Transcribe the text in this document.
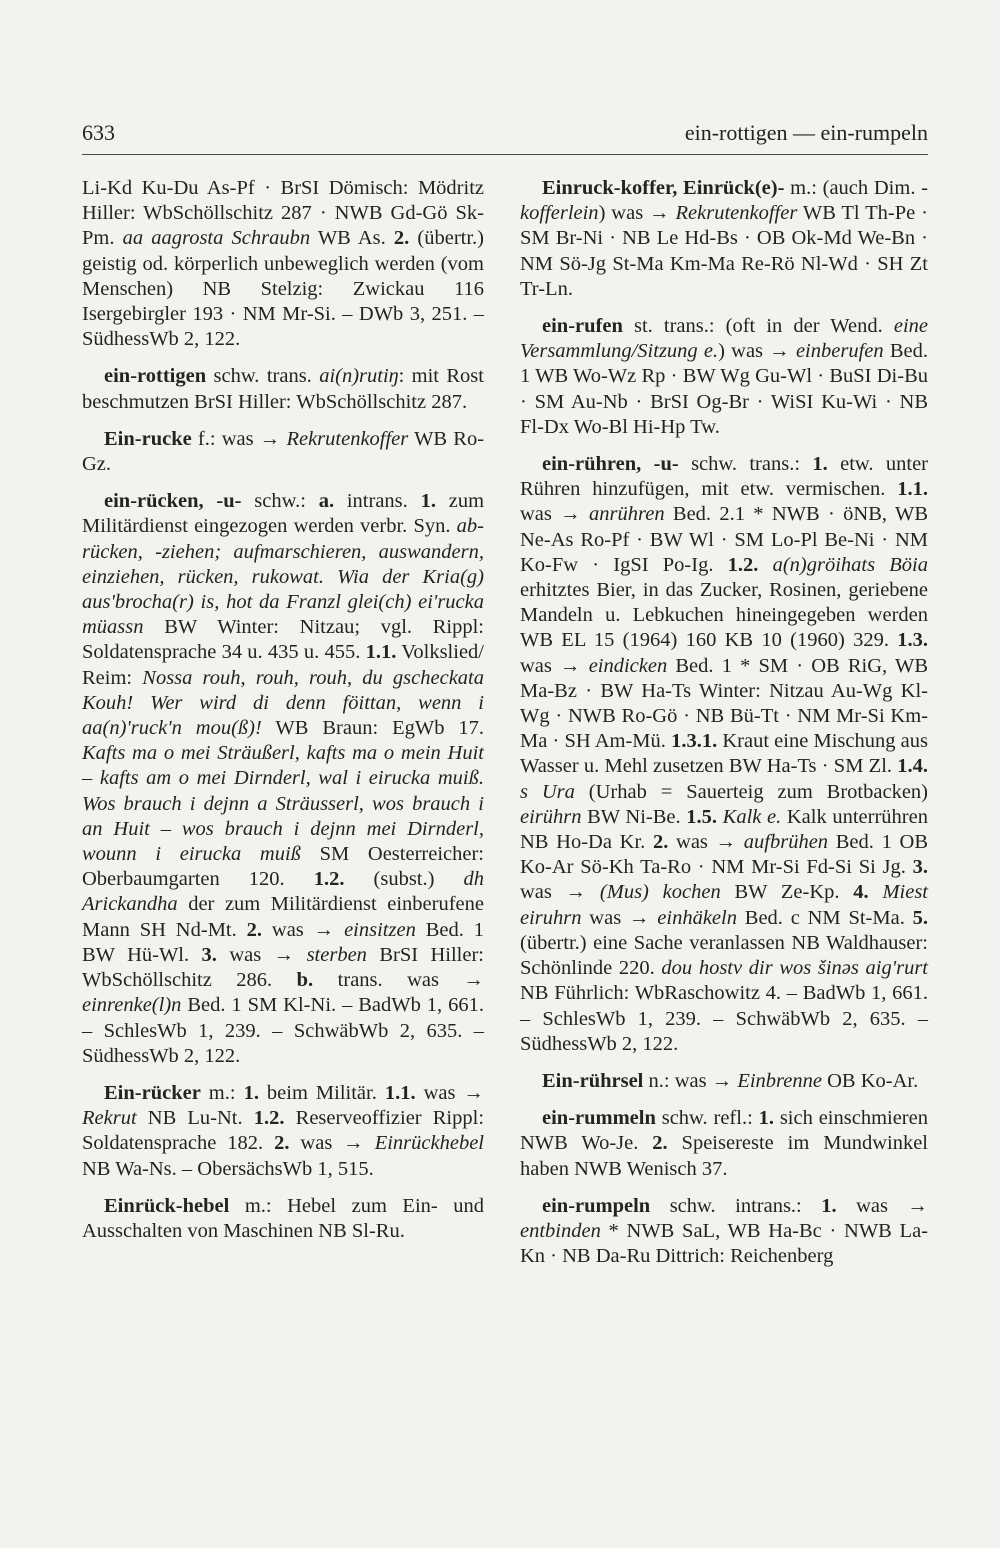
633	ein-rottigen — ein-rumpeln

Li-Kd Ku-Du As-Pf · BrSI Dömisch: Mödritz Hiller: WbSchöllschitz 287 · NWB Gd-Gö Sk-Pm. aa aagrosta Schraubn WB As. 2. (übertr.) geistig od. körperlich unbeweglich werden (vom Menschen) NB Stelzig: Zwickau 116 Isergebirgler 193 · NM Mr-Si. – DWb 3, 251. – SüdhessWb 2, 122.

ein-rottigen schw. trans. ai(n)rutiŋ: mit Rost beschmutzen BrSI Hiller: WbSchöllschitz 287.

Ein-rucke f.: was → Rekrutenkoffer WB Ro-Gz.

ein-rücken, -u- schw.: a. intrans. 1. zum Militärdienst eingezogen werden verbr. Syn. ab-rücken, -ziehen; aufmarschieren, auswandern, einziehen, rücken, rukowat. Wia der Kria(g) aus'brocha(r) is, hot da Franzl glei(ch) ei'rucka müassn BW Winter: Nitzau; vgl. Rippl: Soldatensprache 34 u. 435 u. 455. 1.1. Volkslied/ Reim: Nossa rouh, rouh, rouh, du gscheckata Kouh! Wer wird di denn föittan, wenn i aa(n)'ruck'n mou(ß)! WB Braun: EgWb 17. Kafts ma o mei Sträußerl, kafts ma o mein Huit – kafts am o mei Dirnderl, wal i eirucka muiß. Wos brauch i dejnn a Sträusserl, wos brauch i an Huit – wos brauch i dejnn mei Dirnderl, wounn i eirucka muiß SM Oesterreicher: Oberbaumgarten 120. 1.2. (subst.) dh Arickandha der zum Militärdienst einberufene Mann SH Nd-Mt. 2. was → einsitzen Bed. 1 BW Hü-Wl. 3. was → sterben BrSI Hiller: WbSchöllschitz 286. b. trans. was → einrenke(l)n Bed. 1 SM Kl-Ni. – BadWb 1, 661. – SchlesWb 1, 239. – SchwäbWb 2, 635. – SüdhessWb 2, 122.

Ein-rücker m.: 1. beim Militär. 1.1. was → Rekrut NB Lu-Nt. 1.2. Reserveoffizier Rippl: Soldatensprache 182. 2. was → Einrückhebel NB Wa-Ns. – ObersächsWb 1, 515.

Einrück-hebel m.: Hebel zum Ein- und Ausschalten von Maschinen NB Sl-Ru.

Einruck-koffer, Einrück(e)- m.: (auch Dim. -kofferlein) was → Rekrutenkoffer WB Tl Th-Pe · SM Br-Ni · NB Le Hd-Bs · OB Ok-Md We-Bn · NM Sö-Jg St-Ma Km-Ma Re-Rö Nl-Wd · SH Zt Tr-Ln.

ein-rufen st. trans.: (oft in der Wend. eine Versammlung/Sitzung e.) was → einberufen Bed. 1 WB Wo-Wz Rp · BW Wg Gu-Wl · BuSI Di-Bu · SM Au-Nb · BrSI Og-Br · WiSI Ku-Wi · NB Fl-Dx Wo-Bl Hi-Hp Tw.

ein-rühren, -u- schw. trans.: 1. etw. unter Rühren hinzufügen, mit etw. vermischen. 1.1. was → anrühren Bed. 2.1 * NWB · öNB, WB Ne-As Ro-Pf · BW Wl · SM Lo-Pl Be-Ni · NM Ko-Fw · IgSI Po-Ig. 1.2. a(n)gröihats Böia erhitztes Bier, in das Zucker, Rosinen, geriebene Mandeln u. Lebkuchen hineingegeben werden WB EL 15 (1964) 160 KB 10 (1960) 329. 1.3. was → eindicken Bed. 1 * SM · OB RiG, WB Ma-Bz · BW Ha-Ts Winter: Nitzau Au-Wg Kl-Wg · NWB Ro-Gö · NB Bü-Tt · NM Mr-Si Km-Ma · SH Am-Mü. 1.3.1. Kraut eine Mischung aus Wasser u. Mehl zusetzen BW Ha-Ts · SM Zl. 1.4. s Ura (Urhab = Sauerteig zum Brotbacken) eirührn BW Ni-Be. 1.5. Kalk e. Kalk unterrühren NB Ho-Da Kr. 2. was → aufbrühen Bed. 1 OB Ko-Ar Sö-Kh Ta-Ro · NM Mr-Si Fd-Si Si Jg. 3. was → (Mus) kochen BW Ze-Kp. 4. Miest eiruhrn was → einhäkeln Bed. c NM St-Ma. 5. (übertr.) eine Sache veranlassen NB Waldhauser: Schönlinde 220. dou hostv dir wos šinəs aig'rurt NB Führlich: WbRaschowitz 4. – BadWb 1, 661. – SchlesWb 1, 239. – SchwäbWb 2, 635. – SüdhessWb 2, 122.

Ein-rührsel n.: was → Einbrenne OB Ko-Ar.

ein-rummeln schw. refl.: 1. sich einschmieren NWB Wo-Je. 2. Speisereste im Mundwinkel haben NWB Wenisch 37.

ein-rumpeln schw. intrans.: 1. was → entbinden * NWB SaL, WB Ha-Bc · NWB La-Kn · NB Da-Ru Dittrich: Reichenberg
